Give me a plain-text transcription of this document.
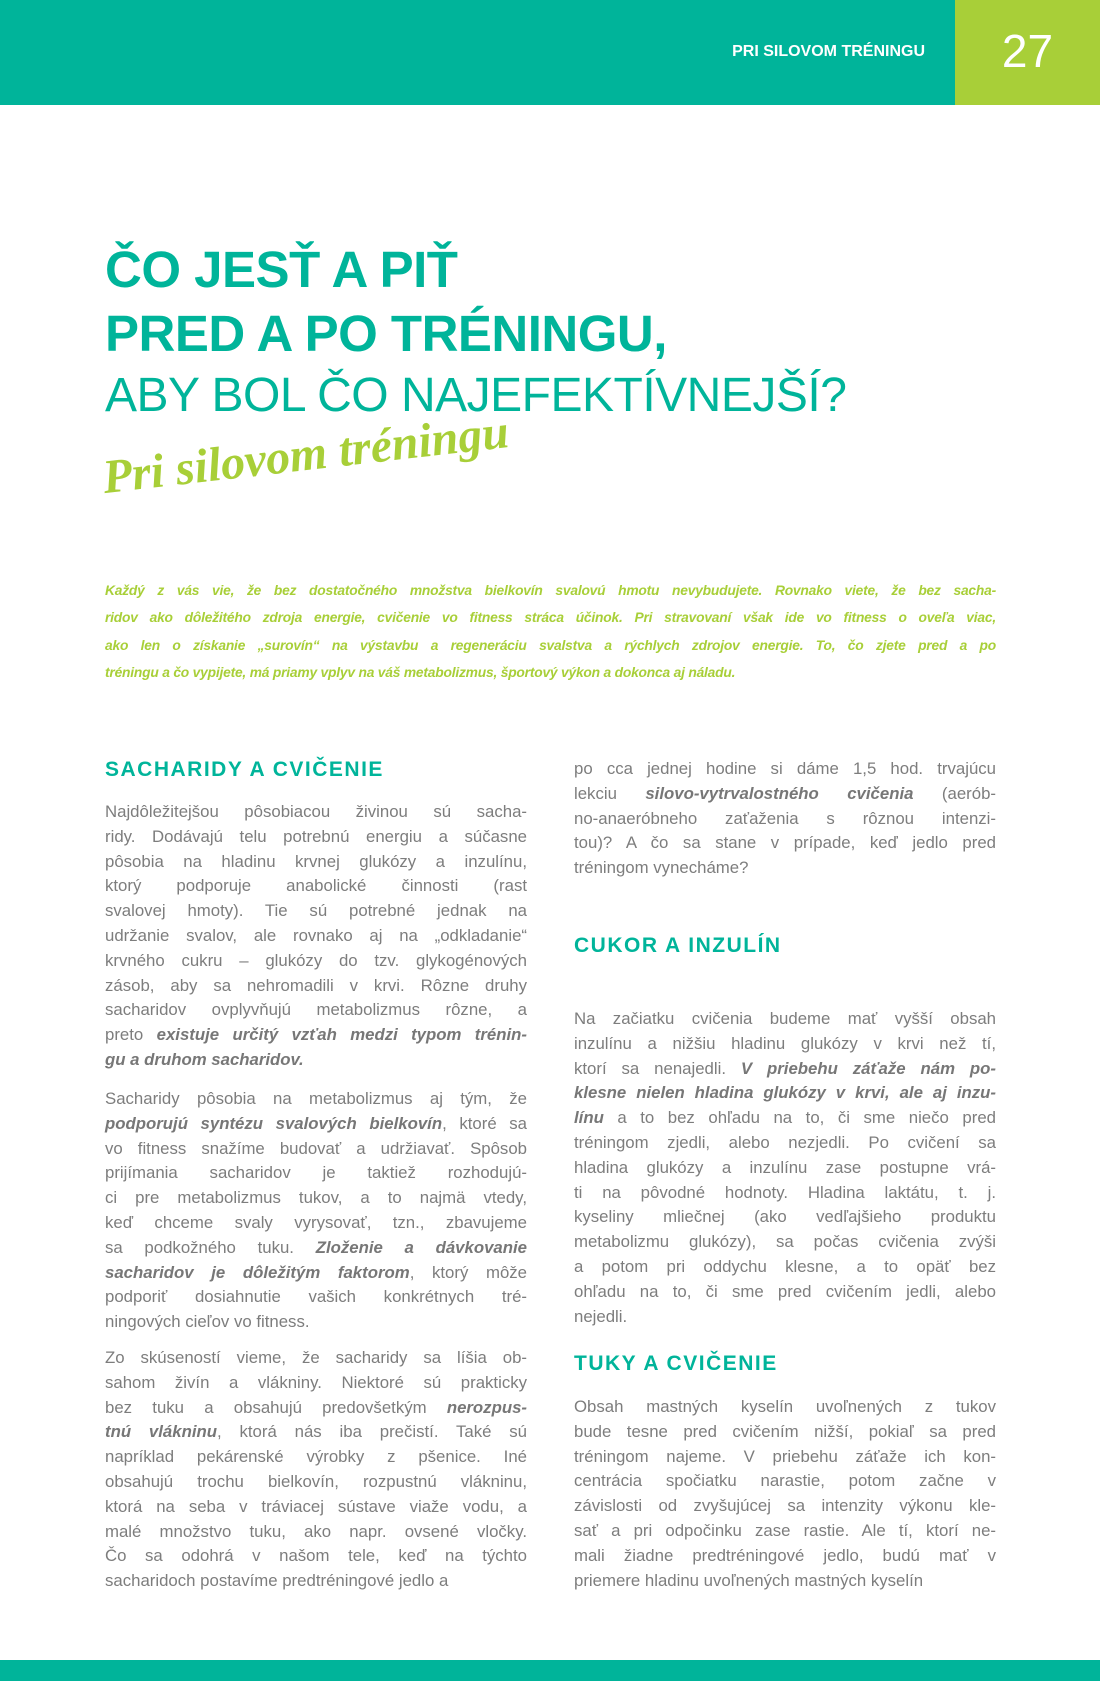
PRI SILOVOM TRÉNINGU	27
ČO JESŤ A PIŤ
PRED A PO TRÉNINGU,
ABY BOL ČO NAJEFEKTÍVNEJŠÍ?
Pri silovom tréningu
Každý z vás vie, že bez dostatočného množstva bielkovín svalovú hmotu nevybudujete. Rovnako viete, že bez sacha-
ridov ako dôležitého zdroja energie, cvičenie vo fitness stráca účinok. Pri stravovaní však ide vo fitness o oveľa viac,
ako len o získanie „surovín“ na výstavbu a regeneráciu svalstva a rýchlych zdrojov energie. To, čo zjete pred a po
tréningu a čo vypijete, má priamy vplyv na váš metabolizmus, športový výkon a dokonca aj náladu.
SACHARIDY A CVIČENIE
Najdôležitejšou pôsobiacou živinou sú sacha-
ridy. Dodávajú telu potrebnú energiu a súčasne
pôsobia na hladinu krvnej glukózy a inzulínu,
ktorý podporuje anabolické činnosti (rast
svalovej hmoty). Tie sú potrebné jednak na
udržanie svalov, ale rovnako aj na „odkladanie“
krvného cukru – glukózy do tzv. glykogénových
zásob, aby sa nehromadili v krvi. Rôzne druhy
sacharidov ovplyvňujú metabolizmus rôzne, a
preto existuje určitý vzťah medzi typom trénin-
gu a druhom sacharidov.
Sacharidy pôsobia na metabolizmus aj tým, že
podporujú syntézu svalových bielkovín, ktoré sa
vo fitness snažíme budovať a udržiavať. Spôsob
prijímania sacharidov je taktiež rozhodujú-
ci pre metabolizmus tukov, a to najmä vtedy,
keď chceme svaly vyrysovať, tzn., zbavujeme
sa podkožného tuku. Zloženie a dávkovanie
sacharidov je dôležitým faktorom, ktorý môže
podporiť dosiahnutie vašich konkrétnych tré-
ningových cieľov vo fitness.
Zo skúseností vieme, že sacharidy sa líšia ob-
sahom živín a vlákniny. Niektoré sú prakticky
bez tuku a obsahujú predovšetkým nerozpus-
tnú vlákninu, ktorá nás iba prečistí. Také sú
napríklad pekárenské výrobky z pšenice. Iné
obsahujú trochu bielkovín, rozpustnú vlákninu,
ktorá na seba v tráviacej sústave viaže vodu, a
malé množstvo tuku, ako napr. ovsené vločky.
Čo sa odohrá v našom tele, keď na týchto
sacharidoch postavíme predtréningové jedlo a
po cca jednej hodine si dáme 1,5 hod. trvajúcu
lekciu silovo-vytrvalostného cvičenia (aerób-
no-anaeróbneho zaťaženia s rôznou intenzi-
tou)? A čo sa stane v prípade, keď jedlo pred
tréningom vynecháme?
CUKOR A INZULÍN
Na začiatku cvičenia budeme mať vyšší obsah
inzulínu a nižšiu hladinu glukózy v krvi než tí,
ktorí sa nenajedli. V priebehu záťaže nám po-
klesne nielen hladina glukózy v krvi, ale aj inzu-
línu a to bez ohľadu na to, či sme niečo pred
tréningom zjedli, alebo nezjedli. Po cvičení sa
hladina glukózy a inzulínu zase postupne vrá-
ti na pôvodné hodnoty. Hladina laktátu, t. j.
kyseliny mliečnej (ako vedľajšieho produktu
metabolizmu glukózy), sa počas cvičenia zvýši
a potom pri oddychu klesne, a to opäť bez
ohľadu na to, či sme pred cvičením jedli, alebo
nejedli.
TUKY A CVIČENIE
Obsah mastných kyselín uvoľnených z tukov
bude tesne pred cvičením nižší, pokiaľ sa pred
tréningom najeme. V priebehu záťaže ich kon-
centrácia spočiatku narastie, potom začne v
závislosti od zvyšujúcej sa intenzity výkonu kle-
sať a pri odpočinku zase rastie. Ale tí, ktorí ne-
mali žiadne predtréningové jedlo, budú mať v
priemere hladinu uvoľnených mastných kyselín
